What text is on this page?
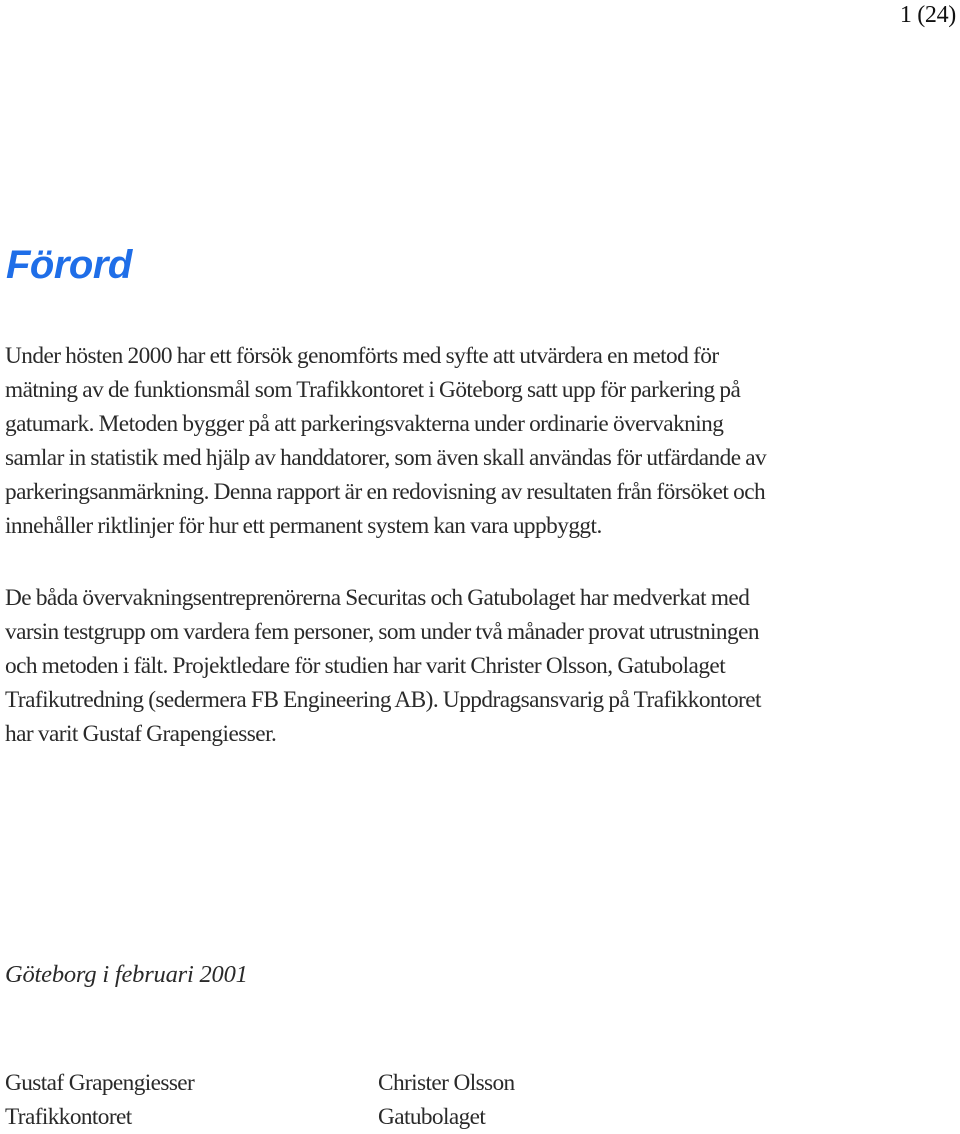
1 (24)
Förord

Under hösten 2000 har ett försök genomförts med syfte att utvärdera en metod för
mätning av de funktionsmål som Trafikkontoret i Göteborg satt upp för parkering på
gatumark. Metoden bygger på att parkeringsvakterna under ordinarie övervakning
samlar in statistik med hjälp av handdatorer, som även skall användas för utfärdande av
parkeringsanmärkning. Denna rapport är en redovisning av resultaten från försöket och
innehåller riktlinjer för hur ett permanent system kan vara uppbyggt.

De båda övervakningsentreprenörerna Securitas och Gatubolaget har medverkat med
varsin testgrupp om vardera fem personer, som under två månader provat utrustningen
och metoden i fält. Projektledare för studien har varit Christer Olsson, Gatubolaget
Trafikutredning (sedermera FB Engineering AB). Uppdragsansvarig på Trafikkontoret
har varit Gustaf Grapengiesser.

Göteborg i februari 2001
Gustaf Grapengiesser
Trafikkontoret
Christer Olsson
Gatubolaget
